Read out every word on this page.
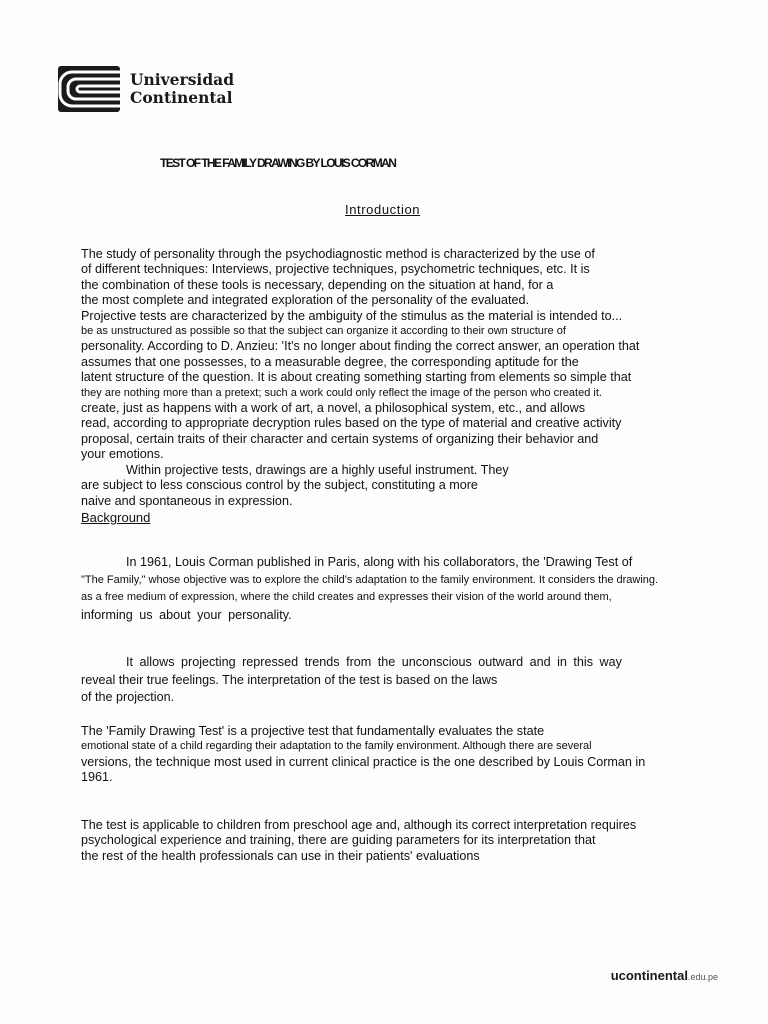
Universidad
Continental
TEST OF THE FAMILY DRAWING BY LOUIS CORMAN
Introduction
The study of personality through the psychodiagnostic method is characterized by the use of
of different techniques: Interviews, projective techniques, psychometric techniques, etc. It is
the combination of these tools is necessary, depending on the situation at hand, for a
the most complete and integrated exploration of the personality of the evaluated.
Projective tests are characterized by the ambiguity of the stimulus as the material is intended to...
be as unstructured as possible so that the subject can organize it according to their own structure of
personality. According to D. Anzieu: 'It's no longer about finding the correct answer, an operation that
assumes that one possesses, to a measurable degree, the corresponding aptitude for the
latent structure of the question. It is about creating something starting from elements so simple that
they are nothing more than a pretext; such a work could only reflect the image of the person who created it.
create, just as happens with a work of art, a novel, a philosophical system, etc., and allows
read, according to appropriate decryption rules based on the type of material and creative activity
proposal, certain traits of their character and certain systems of organizing their behavior and
your emotions.
Within projective tests, drawings are a highly useful instrument. They
are subject to less conscious control by the subject, constituting a more
naive and spontaneous in expression.
Background
In 1961, Louis Corman published in Paris, along with his collaborators, the 'Drawing Test of
"The Family," whose objective was to explore the child's adaptation to the family environment. It considers the drawing.
as a free medium of expression, where the child creates and expresses their vision of the world around them,
informing us about your personality.
It allows projecting repressed trends from the unconscious outward and in this way
reveal their true feelings. The interpretation of the test is based on the laws
of the projection.
The 'Family Drawing Test' is a projective test that fundamentally evaluates the state
emotional state of a child regarding their adaptation to the family environment. Although there are several
versions, the technique most used in current clinical practice is the one described by Louis Corman in
1961.
The test is applicable to children from preschool age and, although its correct interpretation requires
psychological experience and training, there are guiding parameters for its interpretation that
the rest of the health professionals can use in their patients' evaluations
ucontinental.edu.pe
